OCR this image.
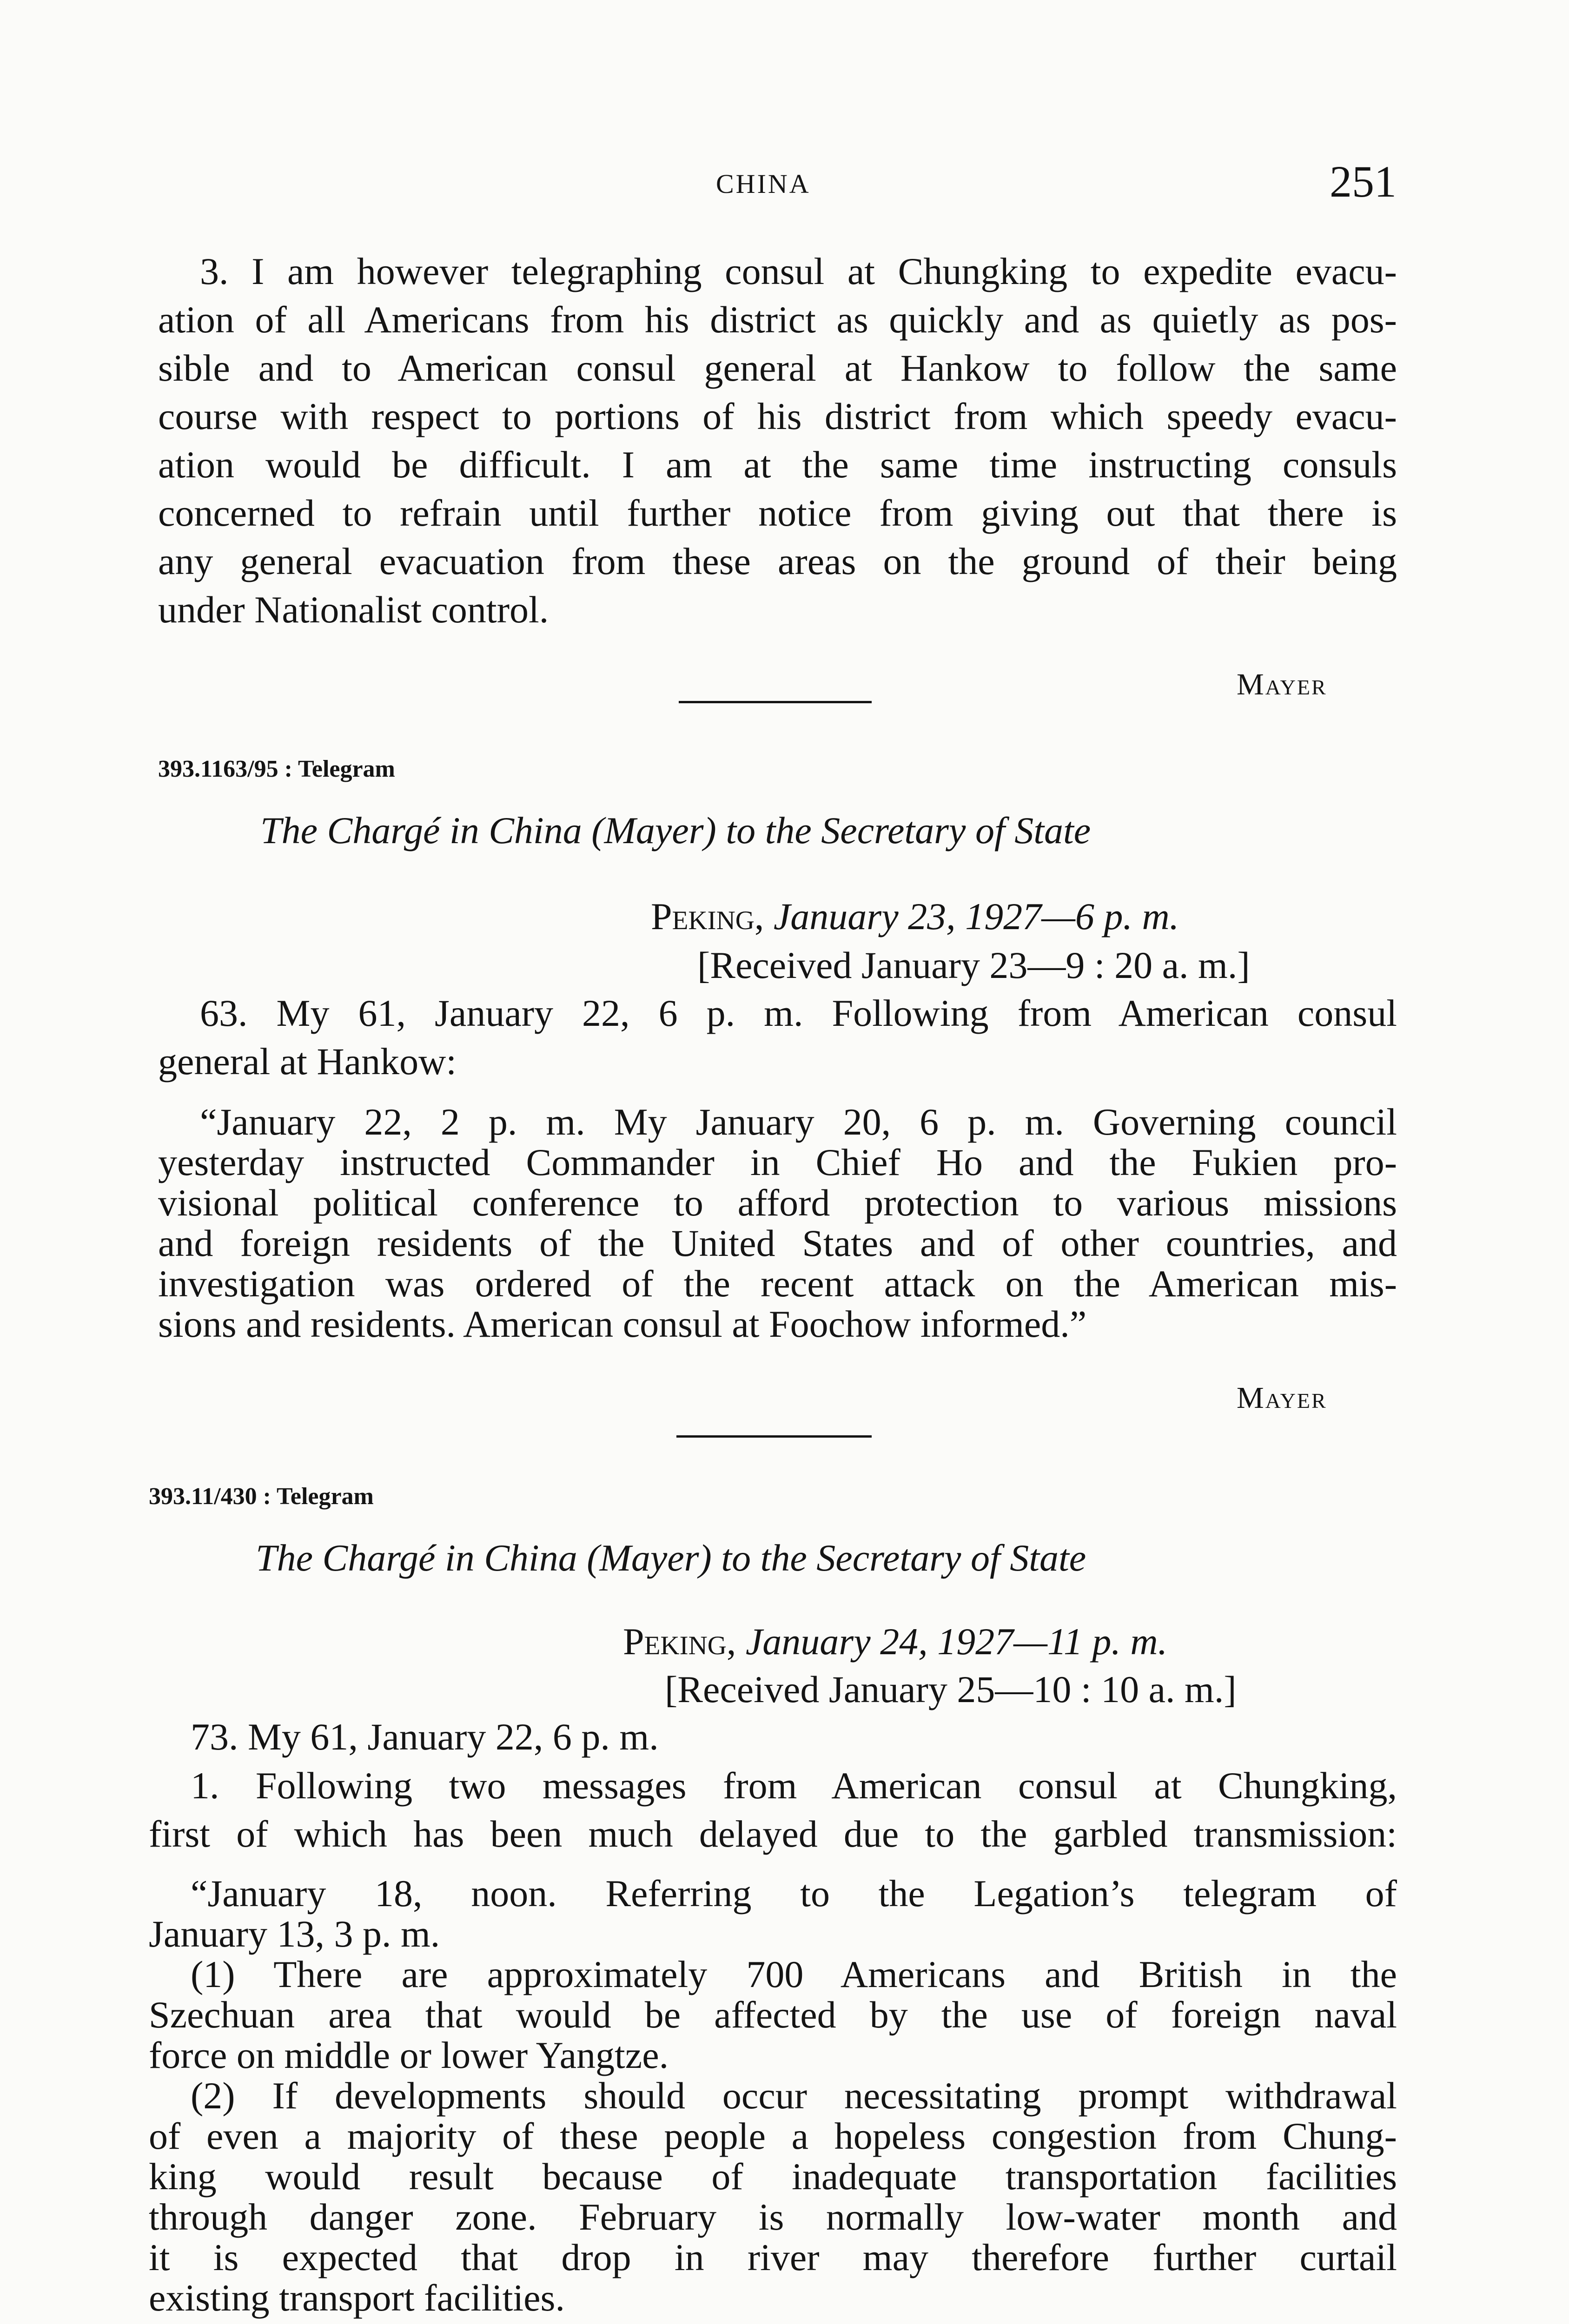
CHINA	251
3. I am however telegraphing consul at Chungking to expedite evacu-
ation of all Americans from his district as quickly and as quietly as pos-
sible and to American consul general at Hankow to follow the same
course with respect to portions of his district from which speedy evacu-
ation would be difficult. I am at the same time instructing consuls
concerned to refrain until further notice from giving out that there is
any general evacuation from these areas on the ground of their being
under Nationalist control.
Mayer
393.1163/95 : Telegram
The Chargé in China (Mayer) to the Secretary of State
Peking, January 23, 1927—6 p. m.
[Received January 23—9 : 20 a. m.]
63. My 61, January 22, 6 p. m. Following from American consul
general at Hankow:
“January 22, 2 p. m. My January 20, 6 p. m. Governing council
yesterday instructed Commander in Chief Ho and the Fukien pro-
visional political conference to afford protection to various missions
and foreign residents of the United States and of other countries, and
investigation was ordered of the recent attack on the American mis-
sions and residents. American consul at Foochow informed.”
Mayer
393.11/430 : Telegram
The Chargé in China (Mayer) to the Secretary of State
Peking, January 24, 1927—11 p. m.
[Received January 25—10 : 10 a. m.]
73. My 61, January 22, 6 p. m.
1. Following two messages from American consul at Chungking,
first of which has been much delayed due to the garbled transmission:
“January 18, noon. Referring to the Legation’s telegram of
January 13, 3 p. m.
(1) There are approximately 700 Americans and British in the
Szechuan area that would be affected by the use of foreign naval
force on middle or lower Yangtze.
(2) If developments should occur necessitating prompt withdrawal
of even a majority of these people a hopeless congestion from Chung-
king would result because of inadequate transportation facilities
through danger zone. February is normally low-water month and
it is expected that drop in river may therefore further curtail
existing transport facilities.
